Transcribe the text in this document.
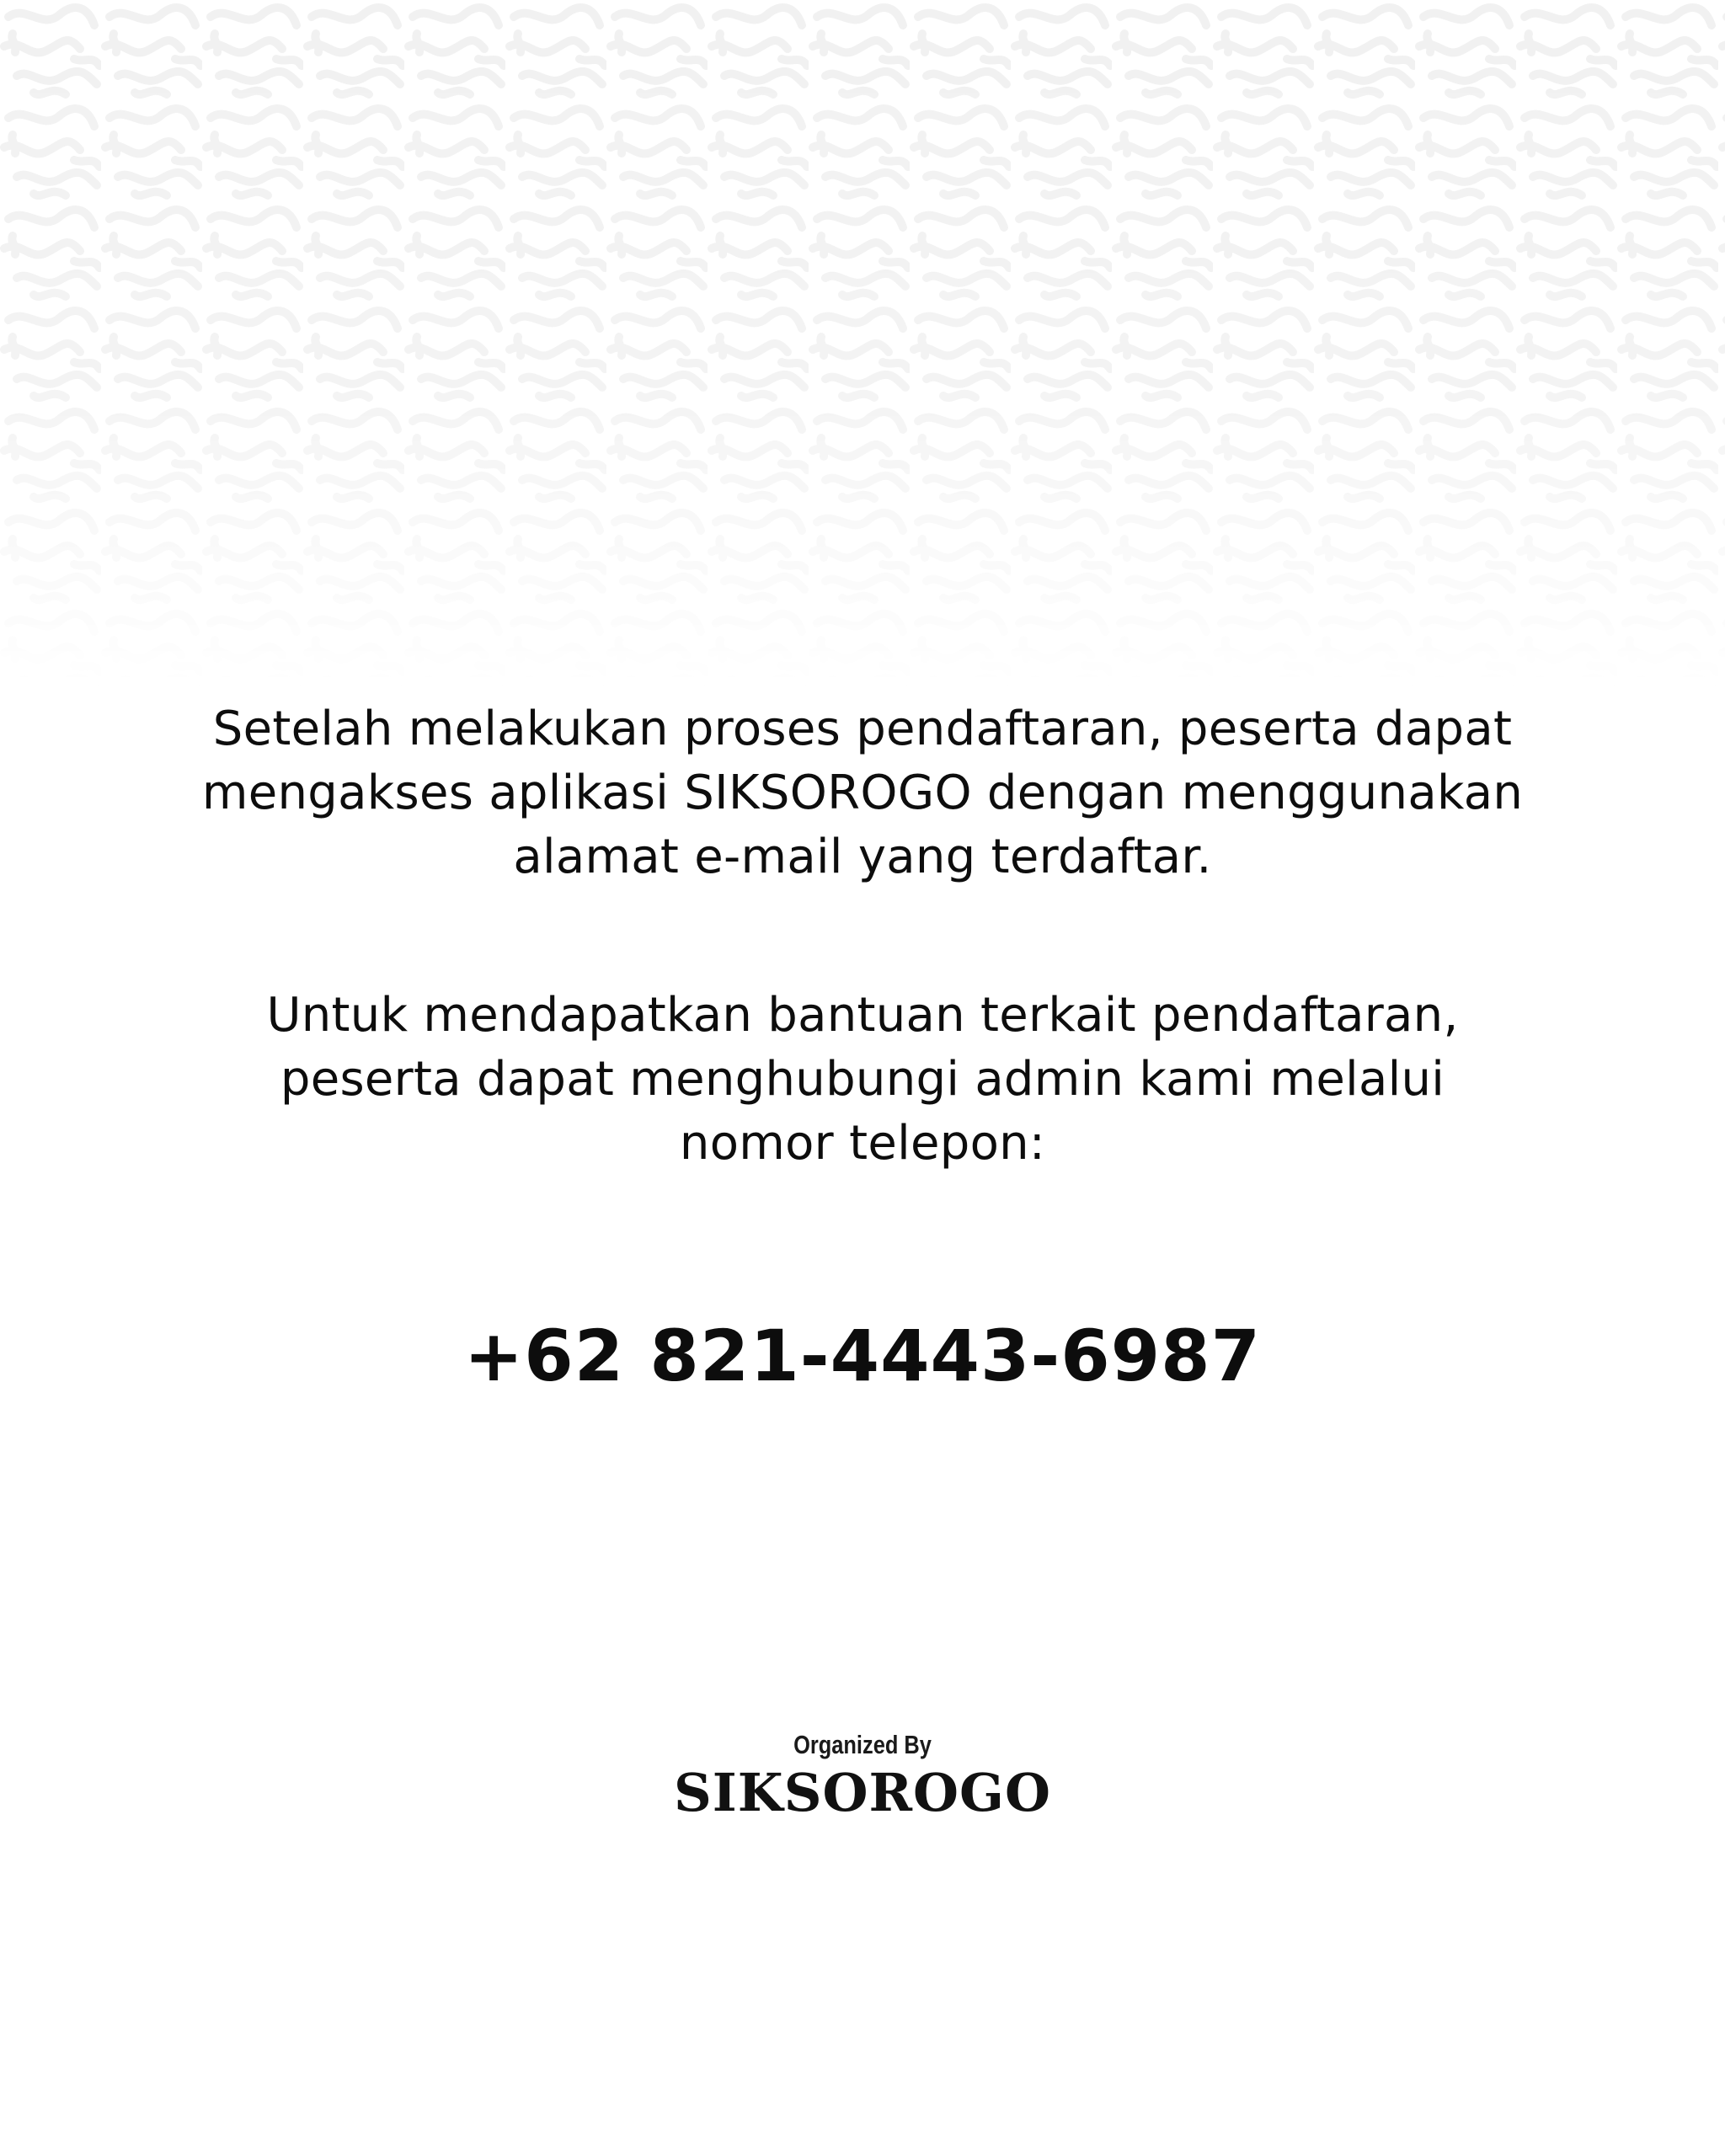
Setelah melakukan proses pendaftaran, peserta dapat
mengakses aplikasi SIKSOROGO dengan menggunakan
alamat e-mail yang terdaftar.
Untuk mendapatkan bantuan terkait pendaftaran,
peserta dapat menghubungi admin kami melalui
nomor telepon:
+62 821-4443-6987
Organized By
SIKSOROGO
